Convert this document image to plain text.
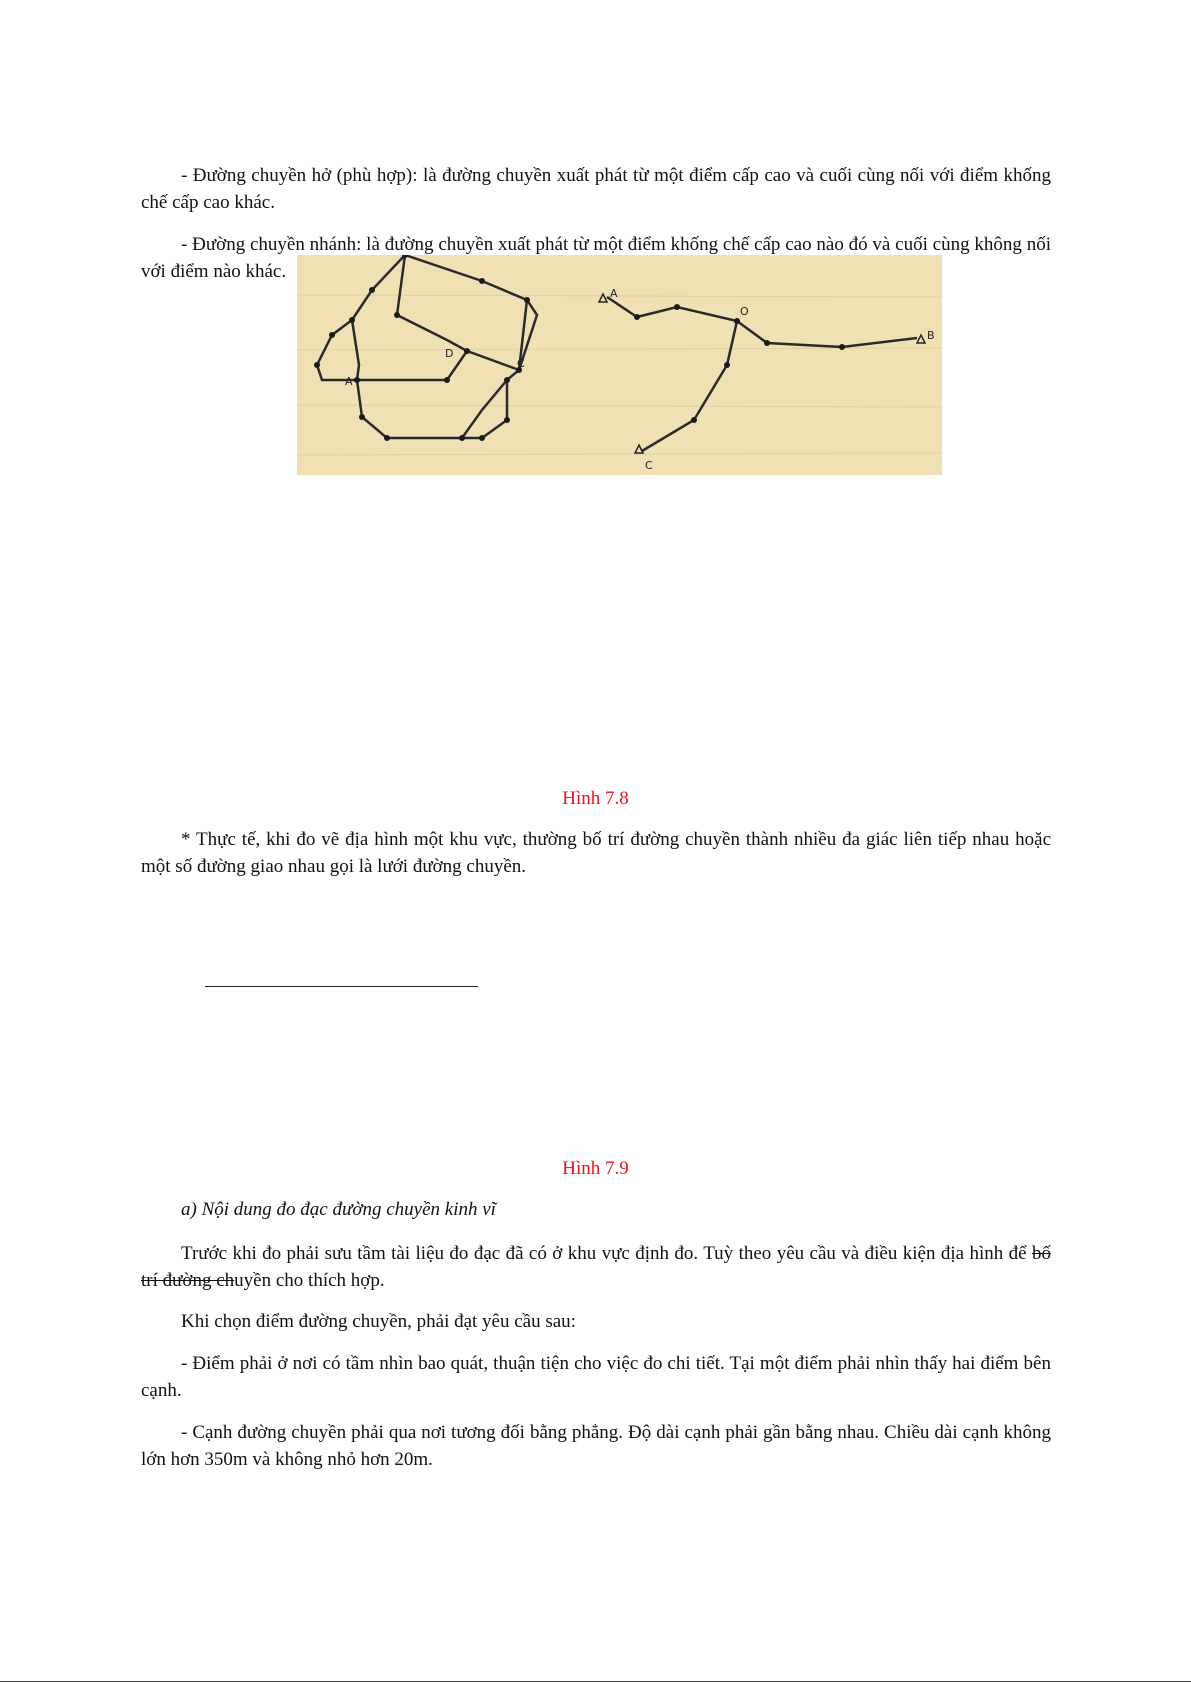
- Đường chuyền hở (phù hợp): là đường chuyền xuất phát từ một điểm cấp cao và cuối cùng nối với điểm khống chế cấp cao khác.

- Đường chuyền nhánh: là đường chuyền xuất phát từ một điểm khống chế cấp cao nào đó và cuối cùng không nối với điểm nào khác.

A
D
C
A
O
B
C

Hình 7.8

* Thực tế, khi đo vẽ địa hình một khu vực, thường bố trí đường chuyền thành nhiều đa giác liên tiếp nhau hoặc một số đường giao nhau gọi là lưới đường chuyền.

Hình 7.9

a) Nội dung đo đạc đường chuyền kinh vĩ

Trước khi đo phải sưu tầm tài liệu đo đạc đã có ở khu vực định đo. Tuỳ theo yêu cầu và điều kiện địa hình để bố trí đường chuyền cho thích hợp.

Khi chọn điểm đường chuyền, phải đạt yêu cầu sau:

- Điểm phải ở nơi có tầm nhìn bao quát, thuận tiện cho việc đo chi tiết. Tại một điểm phải nhìn thấy hai điểm bên cạnh.

- Cạnh đường chuyền phải qua nơi tương đối bằng phẳng. Độ dài cạnh phải gần bằng nhau. Chiều dài cạnh không lớn hơn 350m và không nhỏ hơn 20m.
